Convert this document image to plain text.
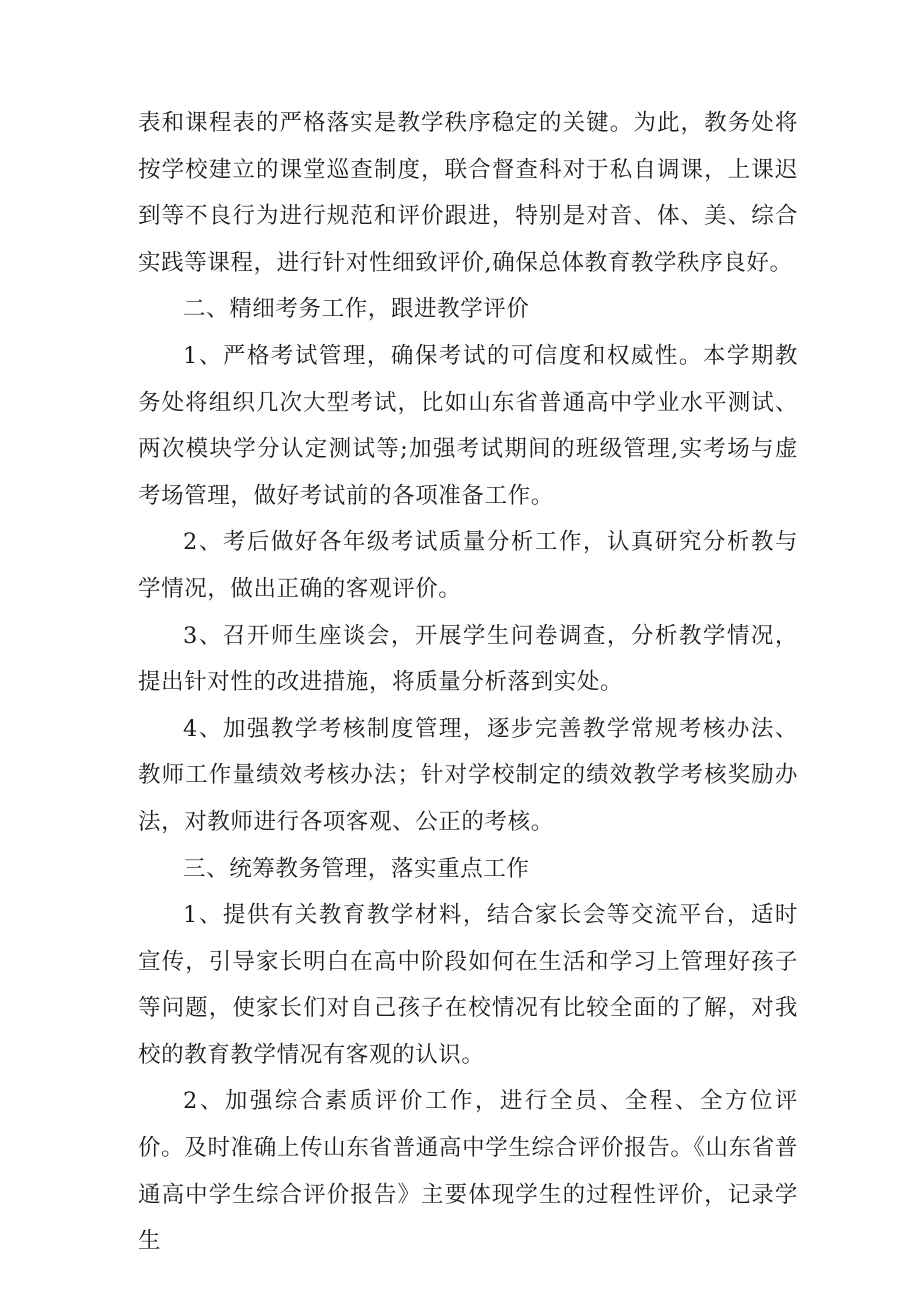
表和课程表的严格落实是教学秩序稳定的关键。为此，教务处将按学校建立的课堂巡查制度，联合督查科对于私自调课，上课迟到等不良行为进行规范和评价跟进，特别是对音、体、美、综合实践等课程，进行针对性细致评价,确保总体教育教学秩序良好。

二、精细考务工作，跟进教学评价

1、严格考试管理，确保考试的可信度和权威性。本学期教务处将组织几次大型考试，比如山东省普通高中学业水平测试、两次模块学分认定测试等;加强考试期间的班级管理,实考场与虚考场管理，做好考试前的各项准备工作。

2、考后做好各年级考试质量分析工作，认真研究分析教与学情况，做出正确的客观评价。

3、召开师生座谈会，开展学生问卷调查，分析教学情况，提出针对性的改进措施，将质量分析落到实处。

4、加强教学考核制度管理，逐步完善教学常规考核办法、教师工作量绩效考核办法；针对学校制定的绩效教学考核奖励办法，对教师进行各项客观、公正的考核。

三、统筹教务管理，落实重点工作

1、提供有关教育教学材料，结合家长会等交流平台，适时宣传，引导家长明白在高中阶段如何在生活和学习上管理好孩子等问题，使家长们对自己孩子在校情况有比较全面的了解，对我校的教育教学情况有客观的认识。

2、加强综合素质评价工作，进行全员、全程、全方位评价。及时准确上传山东省普通高中学生综合评价报告。《山东省普通高中学生综合评价报告》主要体现学生的过程性评价，记录学生
